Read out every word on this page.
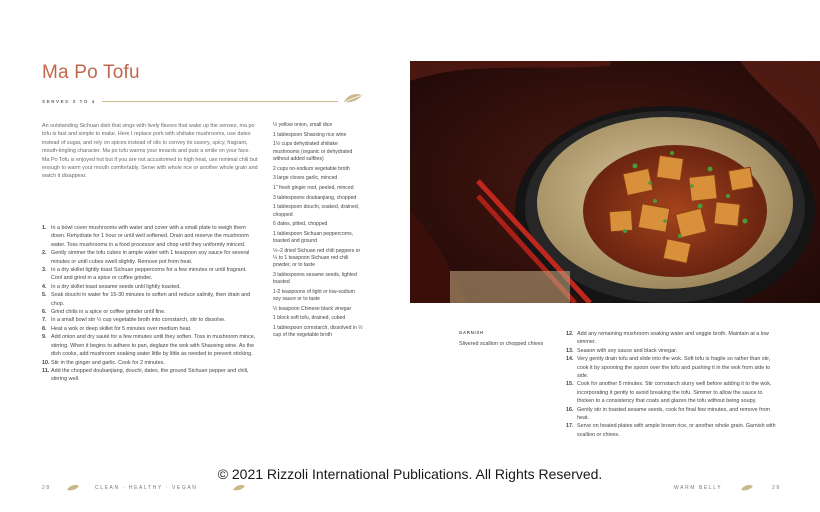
Ma Po Tofu
SERVES 3 TO 4
An outstanding Sichuan dish that sings with lively flavors that wake up the senses, ma po tofu is fast and simple to make. Here I replace pork with shiitake mushrooms, use dates instead of sugar, and rely on spices instead of oils to convey its savory, spicy, fragrant, mouth-tingling character. Ma po tofu warms your innards and puts a smile on your face. Ma Po Tofu is enjoyed hot but if you are not accustomed to high heat, use minimal chili but enough to warm your mouth comfortably. Serve with whole rice or another whole grain and watch it disappear.
1. In a bowl cover mushrooms with water and cover with a small plate to weigh them down. Rehydrate for 1 hour or until well softened. Drain and reserve the mushroom water. Toss mushrooms in a food processor and chop until they uniformly minced.
2. Gently simmer the tofu cubes in ample water with 1 teaspoon soy sauce for several minutes or until cubes swell slightly. Remove pot from heat.
3. In a dry skillet lightly toast Sichuan peppercorns for a few minutes or until fragrant. Cool and grind in a spice or coffee grinder.
4. In a dry skillet toast sesame seeds until lightly toasted.
5. Soak douchi in water for 15-30 minutes to soften and reduce salinity, then drain and chop.
6. Grind chilis in a spice or coffee grinder until fine.
7. In a small bowl stir ½ cup vegetable broth into cornstarch, stir to dissolve.
8. Heat a wok or deep skillet for 5 minutes over medium heat.
9. Add onion and dry sauté for a few minutes until they soften. Toss in mushroom mince, stirring. When it begins to adhere to pan, deglaze the wok with Shaoxing wine. As the dish cooks, add mushroom soaking water little by little as needed to prevent sticking.
10. Stir in the ginger and garlic. Cook for 2 minutes.
11. Add the chopped doubanjiang, douchi, dates, the ground Sichuan pepper and chili, stirring well.
½ yellow onion, small dice
1 tablespoon Shaoxing rice wine
1½ cups dehydrated shiitake mushrooms (organic or dehydrated without added sulfites)
2 cups no-sodium vegetable broth
3 large cloves garlic, minced
1" fresh ginger root, peeled, minced
3 tablespoons doubanjiang, chopped
1 tablespoon douchi, soaked, drained, chopped
6 dates, pitted, chopped
1 tablespoon Sichuan peppercorns, toasted and ground
½–2 dried Sichuan red chili peppers or ¼ to 1 teaspoon Sichuan red chili powder, or to taste
3 tablespoons sesame seeds, lighted toasted
1-2 teaspoons of light or low-sodium soy sauce or to taste
½ teaspoon Chinese black vinegar
1 block soft tofu, drained, cubed
1 tablespoon cornstarch, dissolved in ½ cup of the vegetable broth	GARNISH
Slivered scallion or chopped chives
12. Add any remaining mushroom soaking water and veggie broth. Maintain at a low simmer.
13. Season with soy sauce and black vinegar.
14. Very gently drain tofu and slide into the wok. Soft tofu is fragile so rather than stir, cook it by spooning the spoon over the tofu and pushing it in the wok from side to side.
15. Cook for another 5 minutes. Stir cornstarch slurry well before adding it to the wok, incorporating it gently to avoid breaking the tofu. Simmer to allow the sauce to thicken to a consistency that coats and glazes the tofu without being soupy.
16. Gently stir in toasted sesame seeds, cook for final few minutes, and remove from heat.
17. Serve on heated plates with ample brown rice, or another whole grain. Garnish with scallion or chives.
© 2021 Rizzoli International Publications. All Rights Reserved.
28	CLEAN · HEALTHY · VEGAN	WARM BELLY	29
